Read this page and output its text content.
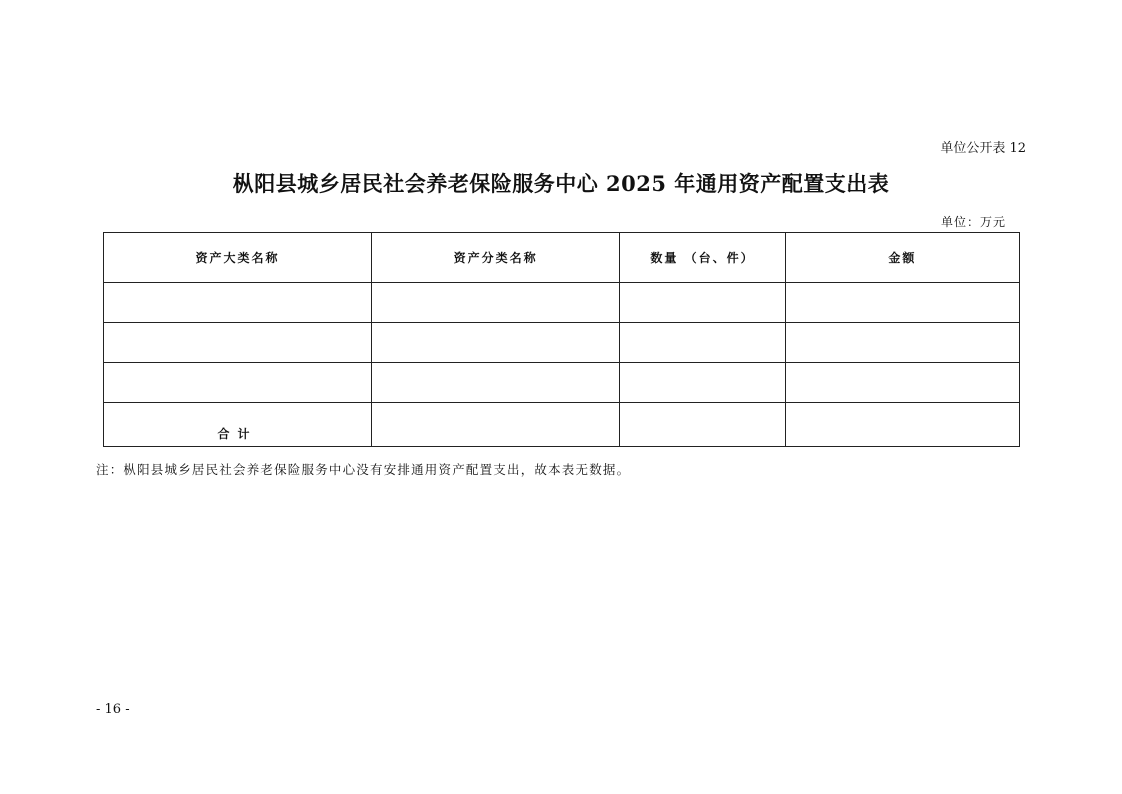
单位公开表 12
枞阳县城乡居民社会养老保险服务中心 2025 年通用资产配置支出表
单位：万元
资产大类名称	资产分类名称	数量 （台、件）	金额

合计			
注：枞阳县城乡居民社会养老保险服务中心没有安排通用资产配置支出，故本表无数据。
- 16 -
